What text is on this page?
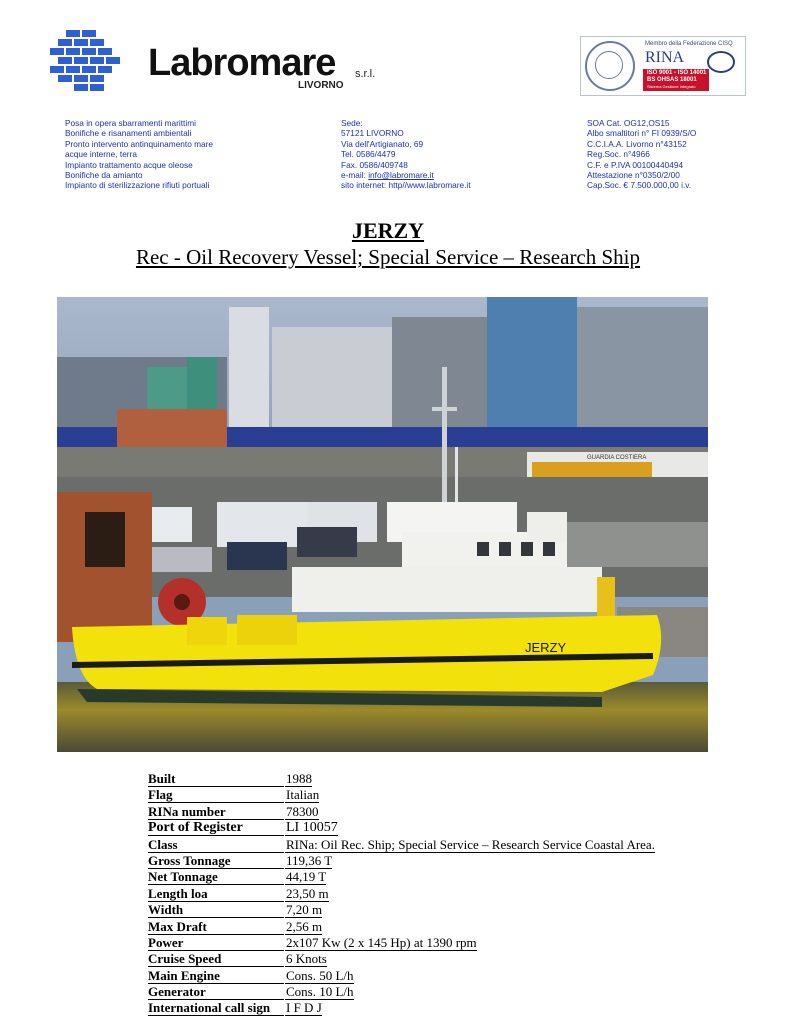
Labromare s.r.l.
LIVORNO
Membro della Federazione CISQ
RINA
ISO 9001 - ISO 14001
BS OHSAS 18001
Sistema Gestione Integrato
Posa in opera sbarramenti marittimi
Bonifiche e risanamenti ambientali
Pronto intervento antinquinamento mare
acque interne, terra
Impianto trattamento acque oleose
Bonifiche da amianto
Impianto di sterilizzazione rifiuti portuali
Sede:
57121 LIVORNO
Via dell'Artigianato, 69
Tel. 0586/4479
Fax. 0586/409748
e-mail: info@labromare.it
sito internet: http//www.labromare.it
SOA Cat. OG12,OS15
Albo smaltitori n° FI 0939/S/O
C.C.I.A.A. Livorno n°43152
Reg.Soc. n°4966
C.F. e P.IVA 00100440494
Attestazione n°0350/2/00
Cap.Soc. € 7.500.000,00 i.v.
JERZY
Rec - Oil Recovery Vessel; Special Service – Research Ship
JERZY
GUARDIA COSTIERA
Built	1988
Flag	Italian
RINa number	78300
Port of Register	LI 10057
Class	RINa: Oil Rec. Ship; Special Service – Research Service Coastal Area.
Gross Tonnage	119,36 T
Net Tonnage	44,19 T
Length loa	23,50 m
Width	7,20 m
Max Draft	2,56 m
Power	2x107 Kw (2 x 145 Hp) at 1390 rpm
Cruise Speed	6 Knots
Main Engine	Cons. 50 L/h
Generator	Cons. 10 L/h
International call sign	I F D J
